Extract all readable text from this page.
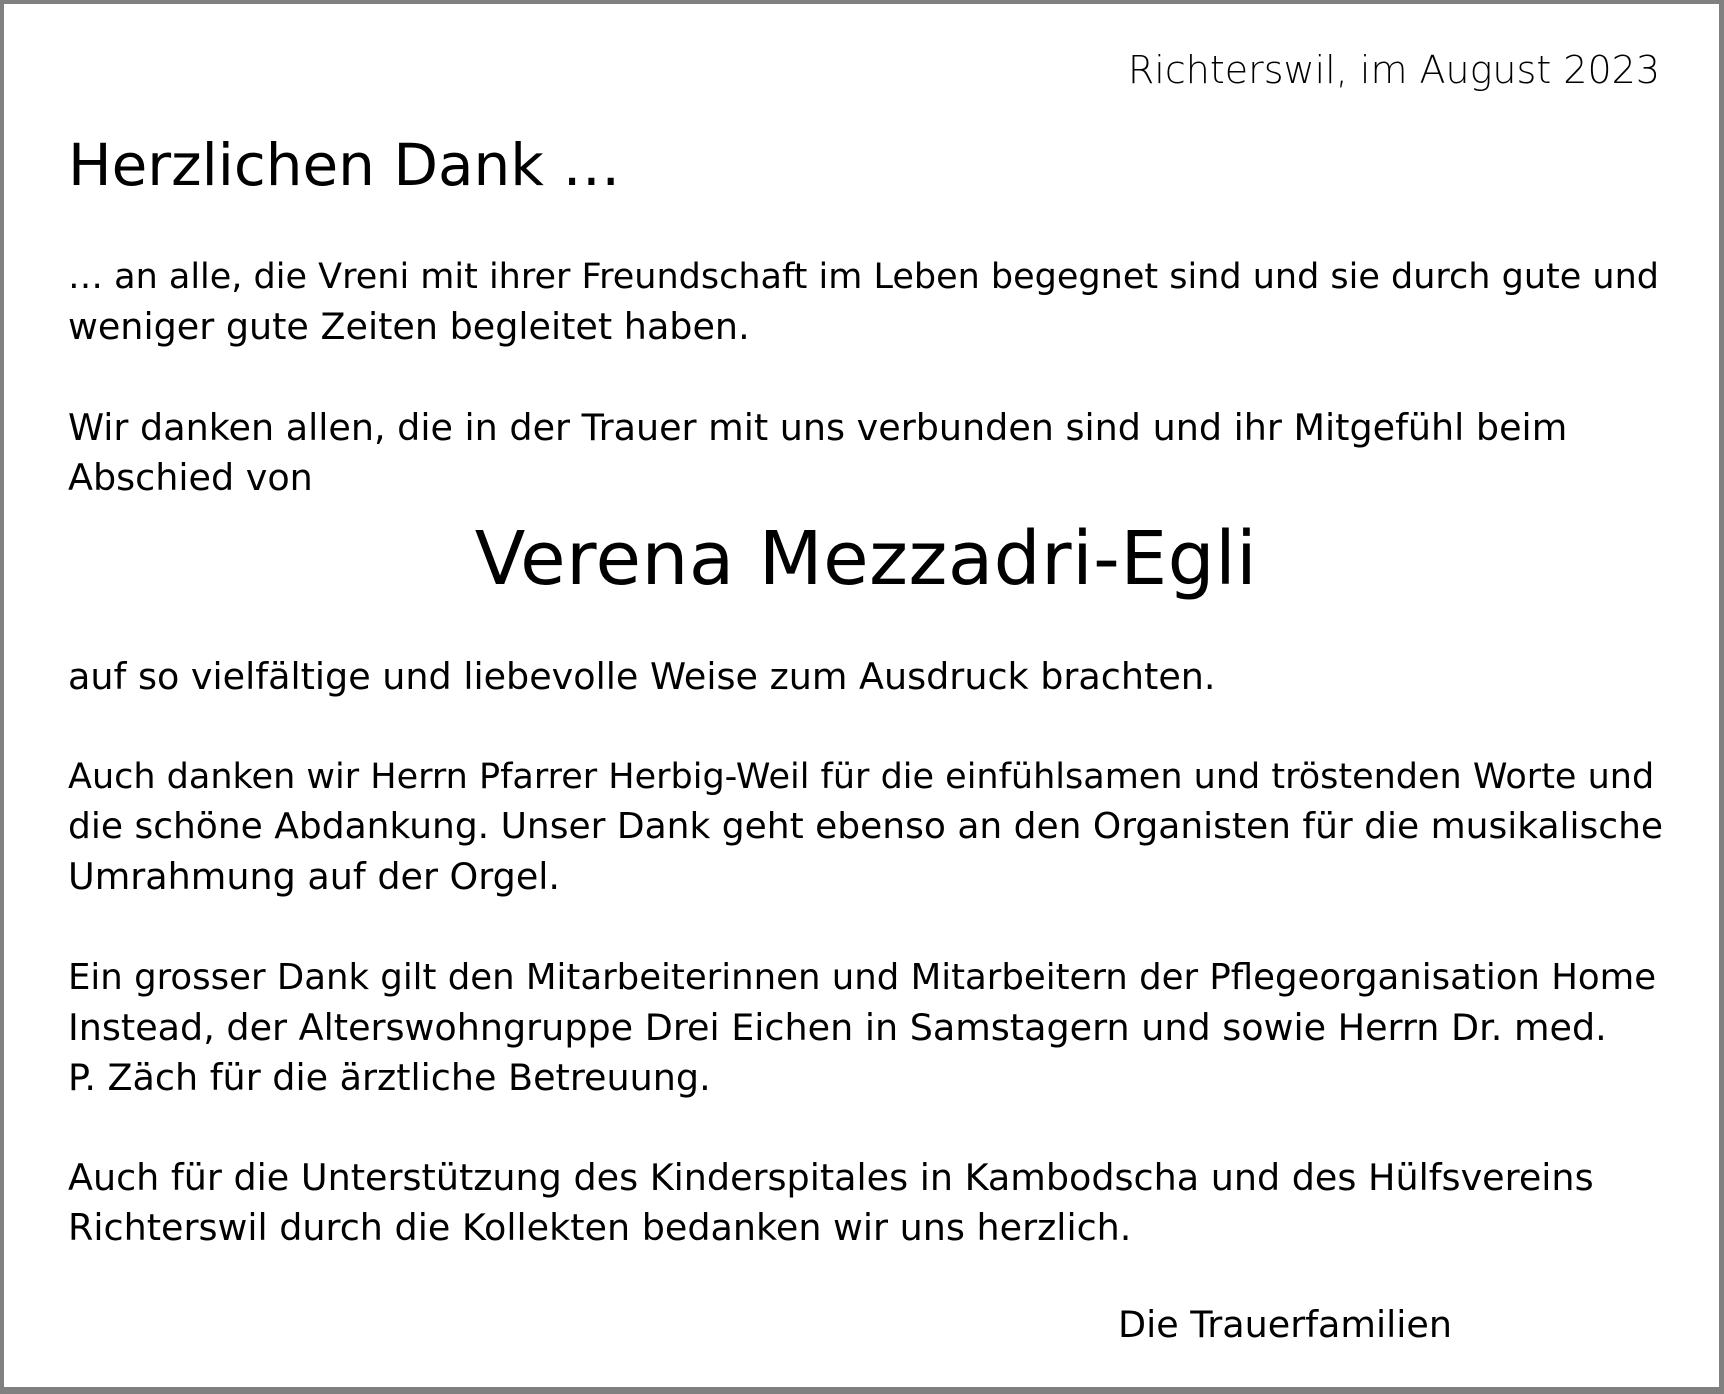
Richterswil, im August 2023
Herzlichen Dank …

… an alle, die Vreni mit ihrer Freundschaft im Leben begegnet sind und sie durch gute und
weniger gute Zeiten begleitet haben.

Wir danken allen, die in der Trauer mit uns verbunden sind und ihr Mitgefühl beim
Abschied von

Verena Mezzadri-Egli

auf so vielfältige und liebevolle Weise zum Ausdruck brachten.

Auch danken wir Herrn Pfarrer Herbig-Weil für die einfühlsamen und tröstenden Worte und
die schöne Abdankung. Unser Dank geht ebenso an den Organisten für die musikalische
Umrahmung auf der Orgel.

Ein grosser Dank gilt den Mitarbeiterinnen und Mitarbeitern der Pflegeorganisation Home
Instead, der Alterswohngruppe Drei Eichen in Samstagern und sowie Herrn Dr. med.
P. Zäch für die ärztliche Betreuung.

Auch für die Unterstützung des Kinderspitales in Kambodscha und des Hülfsvereins
Richterswil durch die Kollekten bedanken wir uns herzlich.

Die Trauerfamilien
